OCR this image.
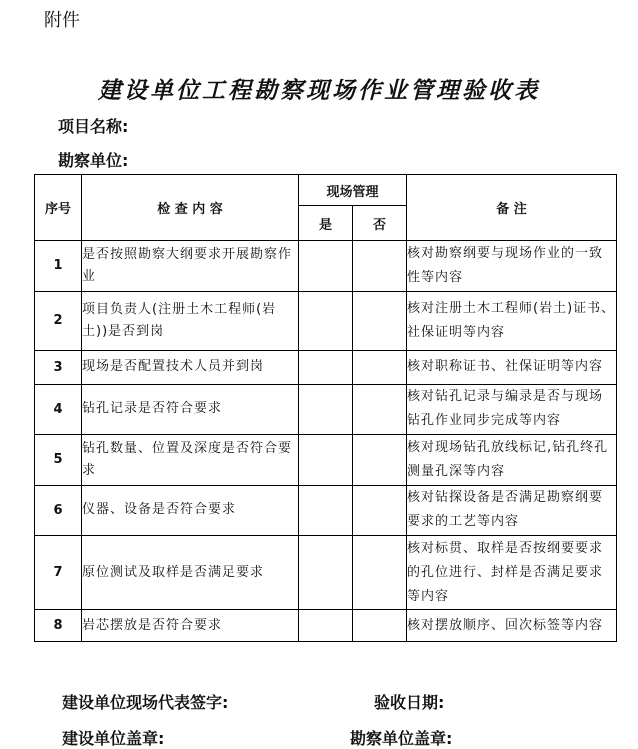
附件
建设单位工程勘察现场作业管理验收表
项目名称:
勘察单位:
序号	检 查 内 容	现场管理		备 注
		是	否	
1	是否按照勘察大纲要求开展勘察作业			核对勘察纲要与现场作业的一致性等内容
2	项目负责人(注册土木工程师(岩土))是否到岗			核对注册土木工程师(岩土)证书、社保证明等内容
3	现场是否配置技术人员并到岗			核对职称证书、社保证明等内容
4	钻孔记录是否符合要求			核对钻孔记录与编录是否与现场钻孔作业同步完成等内容
5	钻孔数量、位置及深度是否符合要求			核对现场钻孔放线标记,钻孔终孔测量孔深等内容
6	仪器、设备是否符合要求			核对钻探设备是否满足勘察纲要要求的工艺等内容
7	原位测试及取样是否满足要求			核对标贯、取样是否按纲要要求的孔位进行、封样是否满足要求等内容
8	岩芯摆放是否符合要求			核对摆放顺序、回次标签等内容
建设单位现场代表签字:	验收日期:
建设单位盖章:	勘察单位盖章:
